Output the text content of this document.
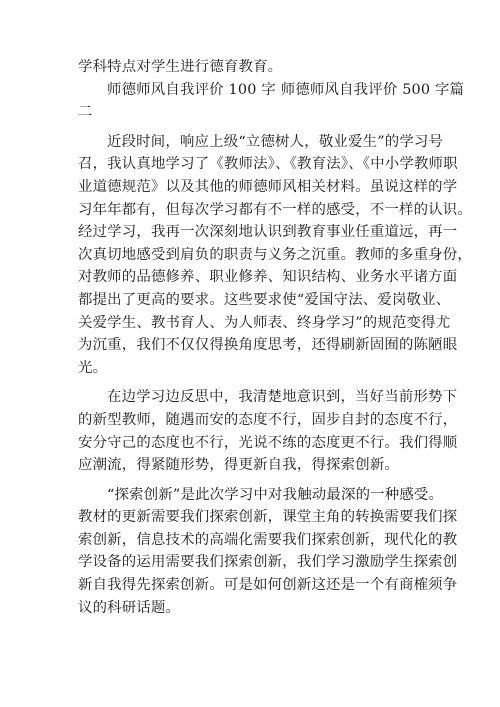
学科特点对学生进行德育教育。
师德师风自我评价 100 字 师德师风自我评价 500 字篇
二
近段时间，响应上级“立德树人，敬业爱生”的学习号
召，我认真地学习了《教师法》、《教育法》、《中小学教师职
业道德规范》以及其他的师德师风相关材料。虽说这样的学
习年年都有，但每次学习都有不一样的感受，不一样的认识。
经过学习，我再一次深刻地认识到教育事业任重道远，再一
次真切地感受到肩负的职责与义务之沉重。教师的多重身份，
对教师的品德修养、职业修养、知识结构、业务水平诸方面
都提出了更高的要求。这些要求使“爱国守法、爱岗敬业、
关爱学生、教书育人、为人师表、终身学习”的规范变得尤
为沉重，我们不仅仅得换角度思考，还得刷新固囿的陈陋眼
光。
在边学习边反思中，我清楚地意识到，当好当前形势下
的新型教师，随遇而安的态度不行，固步自封的态度不行，
安分守己的态度也不行，光说不练的态度更不行。我们得顺
应潮流，得紧随形势，得更新自我，得探索创新。
“探索创新”是此次学习中对我触动最深的一种感受。
教材的更新需要我们探索创新，课堂主角的转换需要我们探
索创新，信息技术的高端化需要我们探索创新，现代化的教
学设备的运用需要我们探索创新，我们学习激励学生探索创
新自我得先探索创新。可是如何创新这还是一个有商榷须争
议的科研话题。
